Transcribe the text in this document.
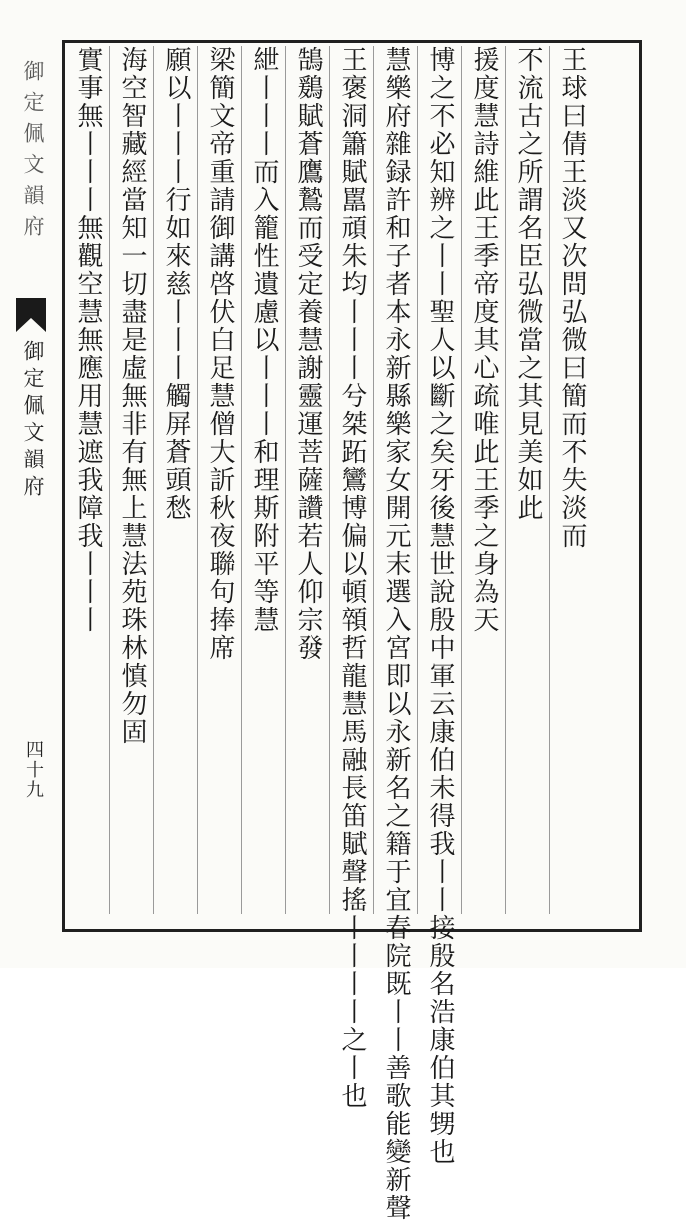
御定佩文韻府
御定佩文韻府
四十九
王球曰倩王淡又次問弘微曰簡而不失淡而
不流古之所謂名臣弘微當之其見美如此
援度慧詩維此王季帝度其心疏唯此王季之身為天
博之不必知辨之丨丨聖人以斷之矣牙後慧世說殷中軍云康伯未得我丨丨接殷名浩康伯其甥也
慧樂府雜録許和子者本永新縣樂家女開元末選入宮即以永新名之籍于宜春院既丨丨善歌能變新聲
王褒洞簫賦嚚頑朱均丨丨丨兮桀跖鸞博偏以頓顇哲龍慧馬融長笛賦聲搖丨丨丨丨之丨也
鵠鶢賦蒼鷹鷙而受定養慧謝靈運菩薩讚若人仰宗發
紲丨丨丨而入籠性遺慮以丨丨丨和理斯附平等慧
梁簡文帝重請御講啓伏白足慧僧大訢秋夜聯句捧席
願以丨丨丨行如來慈丨丨丨觸屏蒼頭愁
海空智藏經當知一切盡是虛無非有無上慧法苑珠林慎勿固
實事無丨丨丨無觀空慧無應用慧遮我障我丨丨丨
